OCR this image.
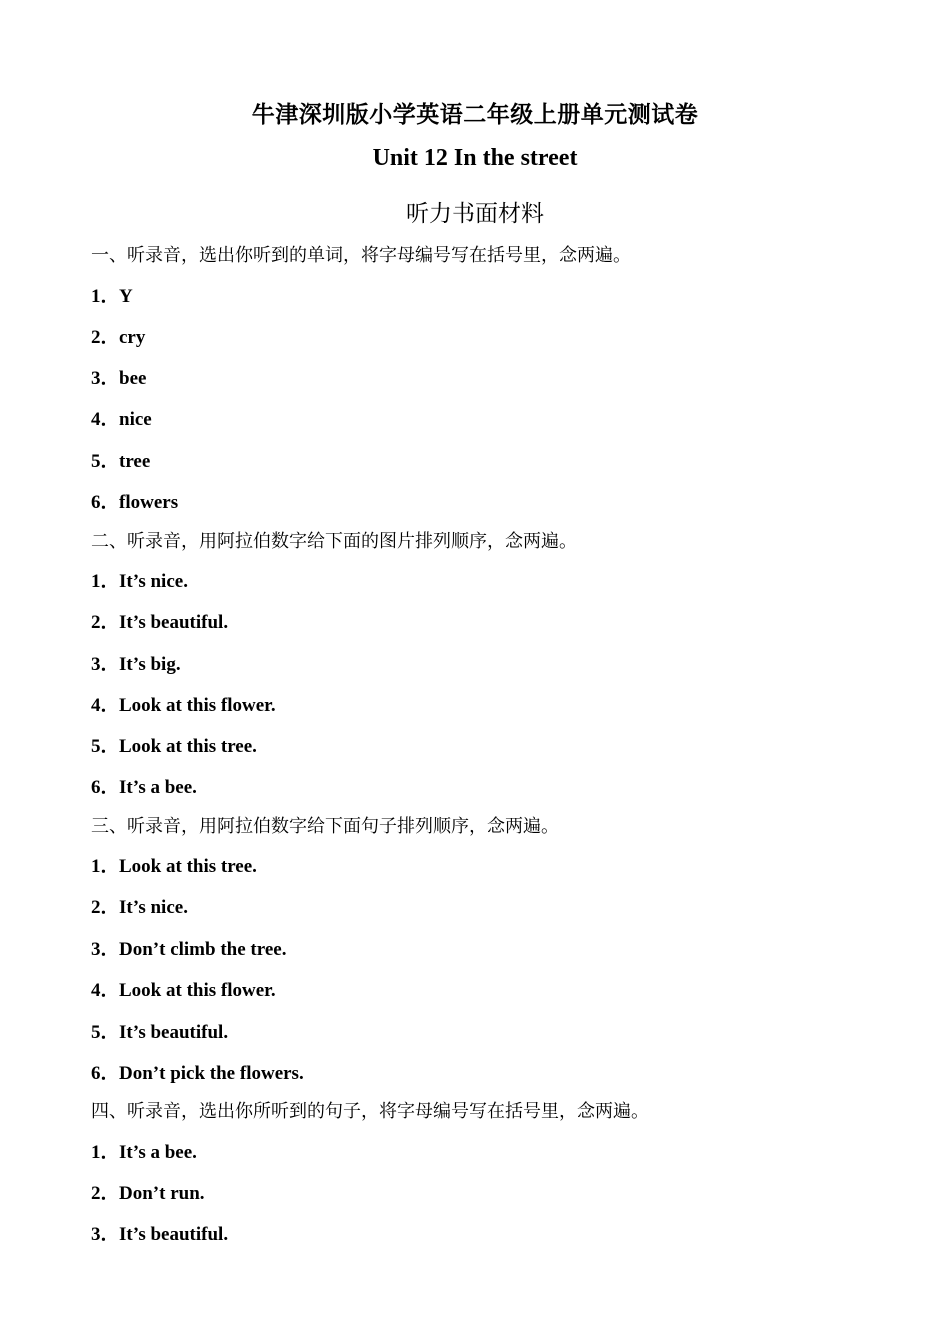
牛津深圳版小学英语二年级上册单元测试卷
Unit 12 In the street
听力书面材料
一、听录音，选出你听到的单词，将字母编号写在括号里，念两遍。
1．Y
2．cry
3．bee
4．nice
5．tree
6．flowers
二、听录音，用阿拉伯数字给下面的图片排列顺序，念两遍。
1．It’s nice.
2．It’s beautiful.
3．It’s big.
4．Look at this flower.
5．Look at this tree.
6．It’s a bee.
三、听录音，用阿拉伯数字给下面句子排列顺序，念两遍。
1．Look at this tree.
2．It’s nice.
3．Don’t climb the tree.
4．Look at this flower.
5．It’s beautiful.
6．Don’t pick the flowers.
四、听录音，选出你所听到的句子，将字母编号写在括号里，念两遍。
1．It’s a bee.
2．Don’t run.
3．It’s beautiful.
